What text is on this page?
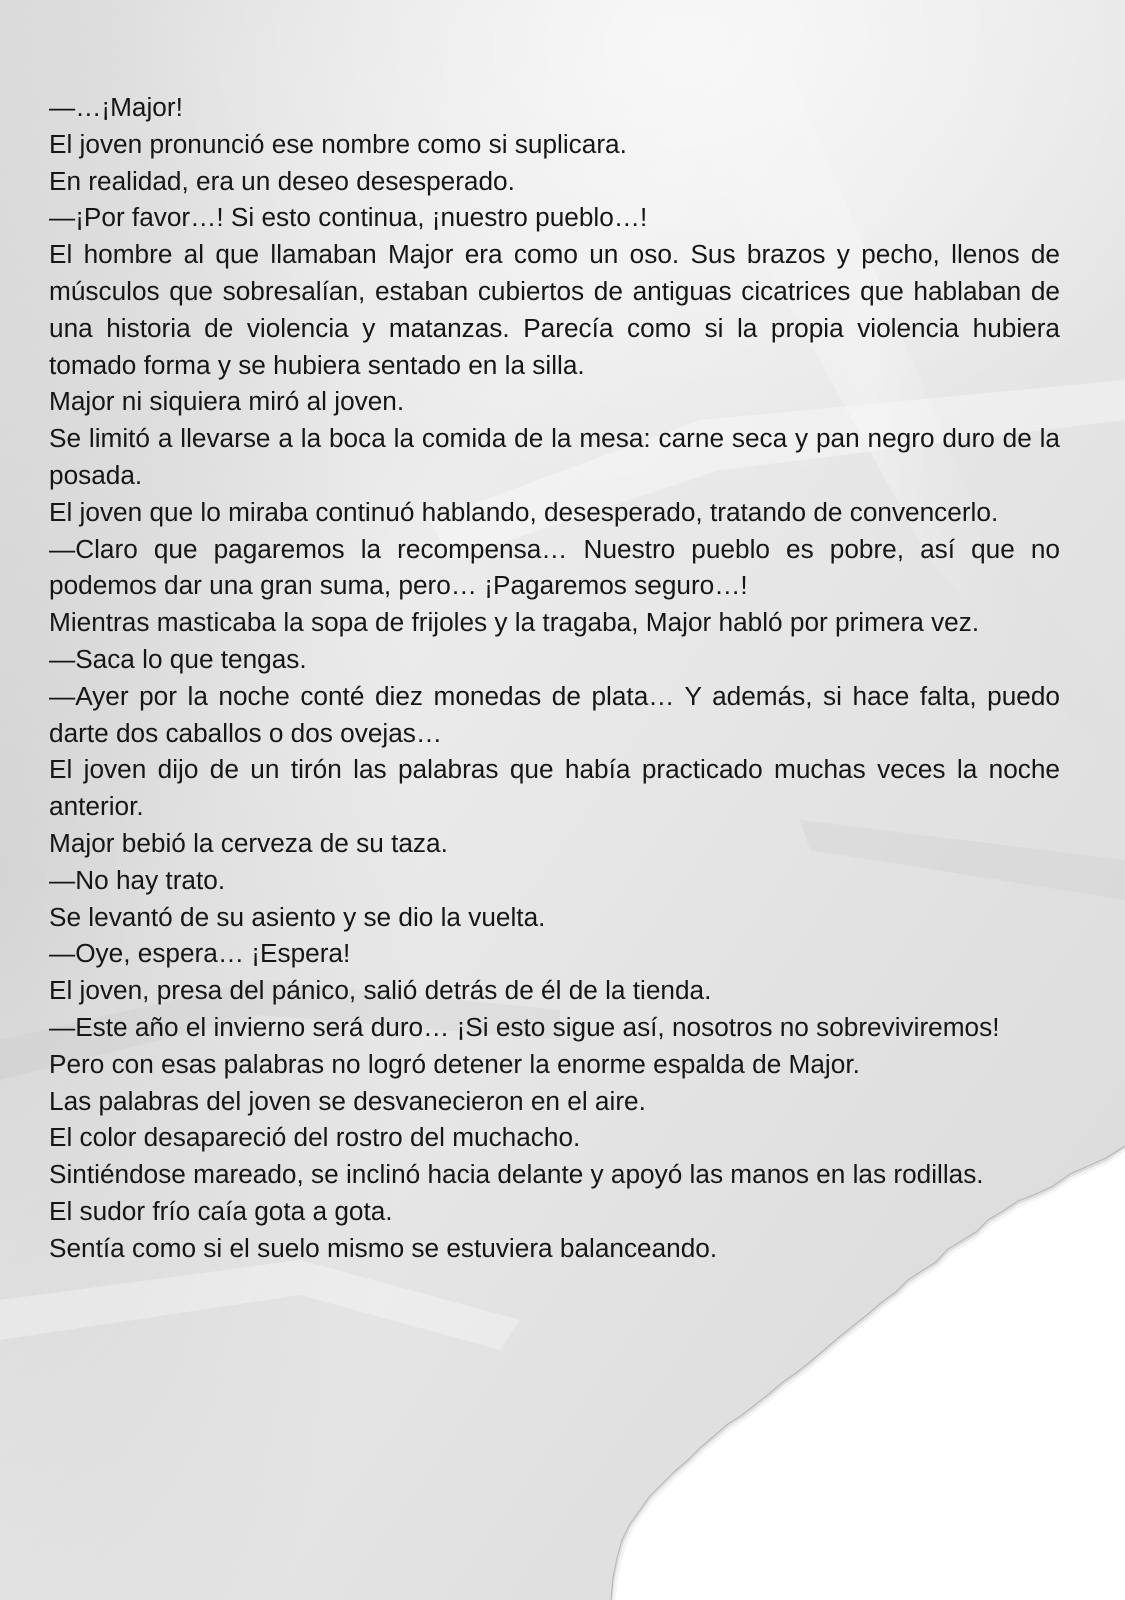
—…¡Major!

El joven pronunció ese nombre como si suplicara.

En realidad, era un deseo desesperado.

—¡Por favor…! Si esto continua, ¡nuestro pueblo…!

El hombre al que llamaban Major era como un oso. Sus brazos y pecho, llenos de músculos que sobresalían, estaban cubiertos de antiguas cicatrices que hablaban de una historia de violencia y matanzas. Parecía como si la propia violencia hubiera tomado forma y se hubiera sentado en la silla.

Major ni siquiera miró al joven.

Se limitó a llevarse a la boca la comida de la mesa: carne seca y pan negro duro de la posada.

El joven que lo miraba continuó hablando, desesperado, tratando de convencerlo.

—Claro que pagaremos la recompensa… Nuestro pueblo es pobre, así que no podemos dar una gran suma, pero… ¡Pagaremos seguro…!

Mientras masticaba la sopa de frijoles y la tragaba, Major habló por primera vez.

—Saca lo que tengas.

—Ayer por la noche conté diez monedas de plata… Y además, si hace falta, puedo darte dos caballos o dos ovejas…

El joven dijo de un tirón las palabras que había practicado muchas veces la noche anterior.

Major bebió la cerveza de su taza.

—No hay trato.

Se levantó de su asiento y se dio la vuelta.

—Oye, espera… ¡Espera!

El joven, presa del pánico, salió detrás de él de la tienda.

—Este año el invierno será duro… ¡Si esto sigue así, nosotros no sobreviviremos!

Pero con esas palabras no logró detener la enorme espalda de Major.

Las palabras del joven se desvanecieron en el aire.

El color desapareció del rostro del muchacho.

Sintiéndose mareado, se inclinó hacia delante y apoyó las manos en las rodillas.

El sudor frío caía gota a gota.

Sentía como si el suelo mismo se estuviera balanceando.
